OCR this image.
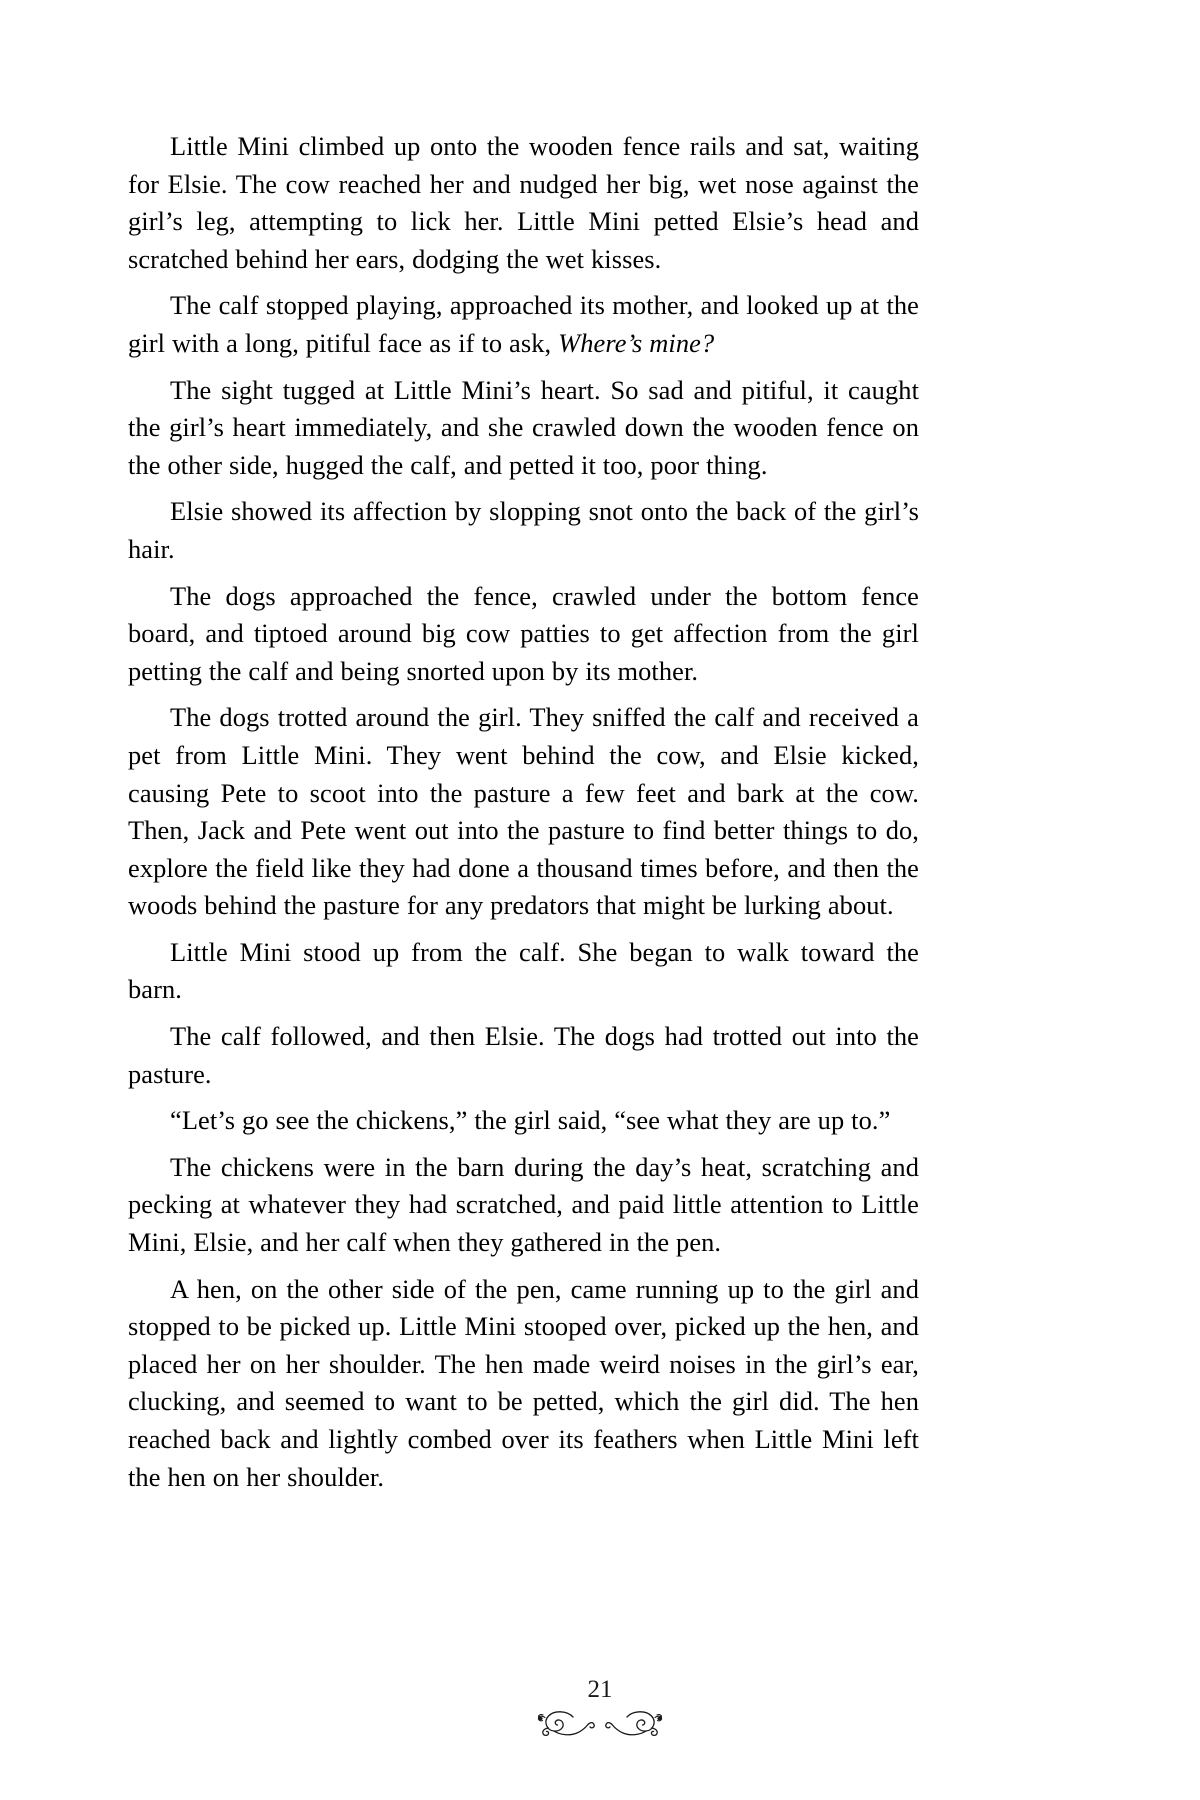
Little Mini climbed up onto the wooden fence rails and sat, waiting for Elsie. The cow reached her and nudged her big, wet nose against the girl’s leg, attempting to lick her. Little Mini petted Elsie’s head and scratched behind her ears, dodging the wet kisses.

The calf stopped playing, approached its mother, and looked up at the girl with a long, pitiful face as if to ask, Where’s mine?

The sight tugged at Little Mini’s heart. So sad and pitiful, it caught the girl’s heart immediately, and she crawled down the wooden fence on the other side, hugged the calf, and petted it too, poor thing.

Elsie showed its affection by slopping snot onto the back of the girl’s hair.

The dogs approached the fence, crawled under the bottom fence board, and tiptoed around big cow patties to get affection from the girl petting the calf and being snorted upon by its mother.

The dogs trotted around the girl. They sniffed the calf and received a pet from Little Mini. They went behind the cow, and Elsie kicked, causing Pete to scoot into the pasture a few feet and bark at the cow. Then, Jack and Pete went out into the pasture to find better things to do, explore the field like they had done a thousand times before, and then the woods behind the pasture for any predators that might be lurking about.

Little Mini stood up from the calf. She began to walk toward the barn.

The calf followed, and then Elsie. The dogs had trotted out into the pasture.

“Let’s go see the chickens,” the girl said, “see what they are up to.”

The chickens were in the barn during the day’s heat, scratching and pecking at whatever they had scratched, and paid little attention to Little Mini, Elsie, and her calf when they gathered in the pen.

A hen, on the other side of the pen, came running up to the girl and stopped to be picked up. Little Mini stooped over, picked up the hen, and placed her on her shoulder. The hen made weird noises in the girl’s ear, clucking, and seemed to want to be petted, which the girl did. The hen reached back and lightly combed over its feathers when Little Mini left the hen on her shoulder.

21
